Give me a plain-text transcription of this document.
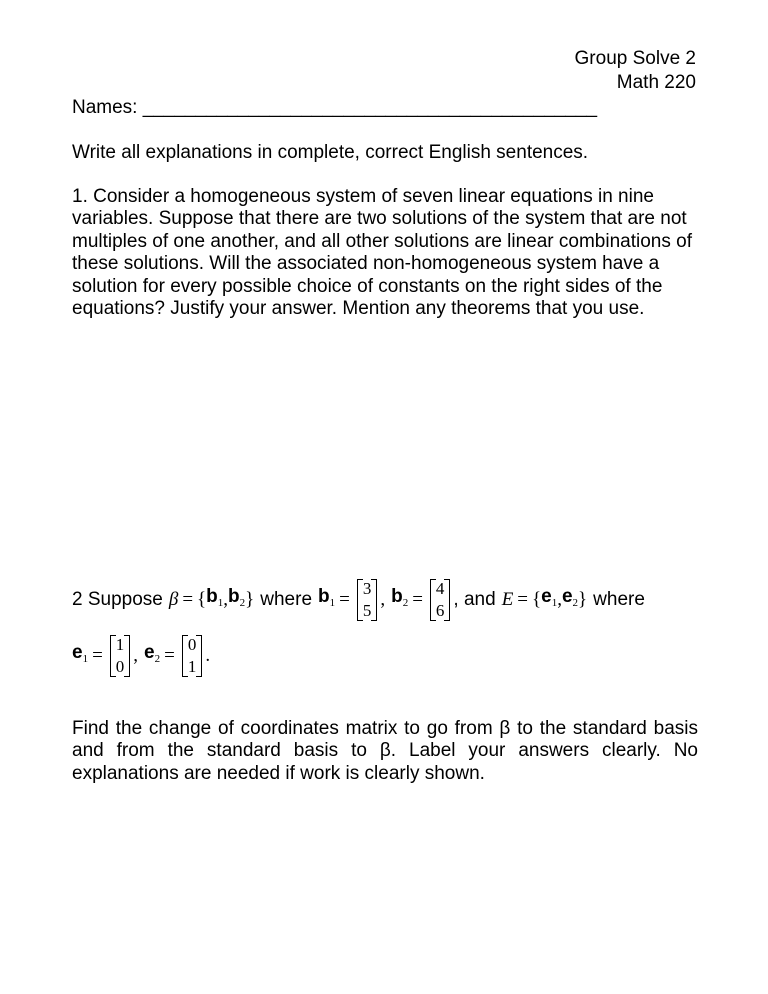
Group Solve 2
Math 220
Names: ___________________________________________
Write all explanations in complete, correct English sentences.
1. Consider a homogeneous system of seven linear equations in nine variables. Suppose that there are two solutions of the system that are not multiples of one another, and all other solutions are linear combinations of these solutions. Will the associated non-homogeneous system have a solution for every possible choice of constants on the right sides of the equations? Justify your answer. Mention any theorems that you use.
2 Suppose β = { $b_1$ , $b_2$ } where $b_1$ =
3
5
, $b_2$ =
4
6
, and E = { $e_1$ , $e_2$ } where
$e_1$ =
1
0
, $e_2$ =
0
1
.
Find the change of coordinates matrix to go from β to the standard basis and from the standard basis to β. Label your answers clearly. No explanations are needed if work is clearly shown.
